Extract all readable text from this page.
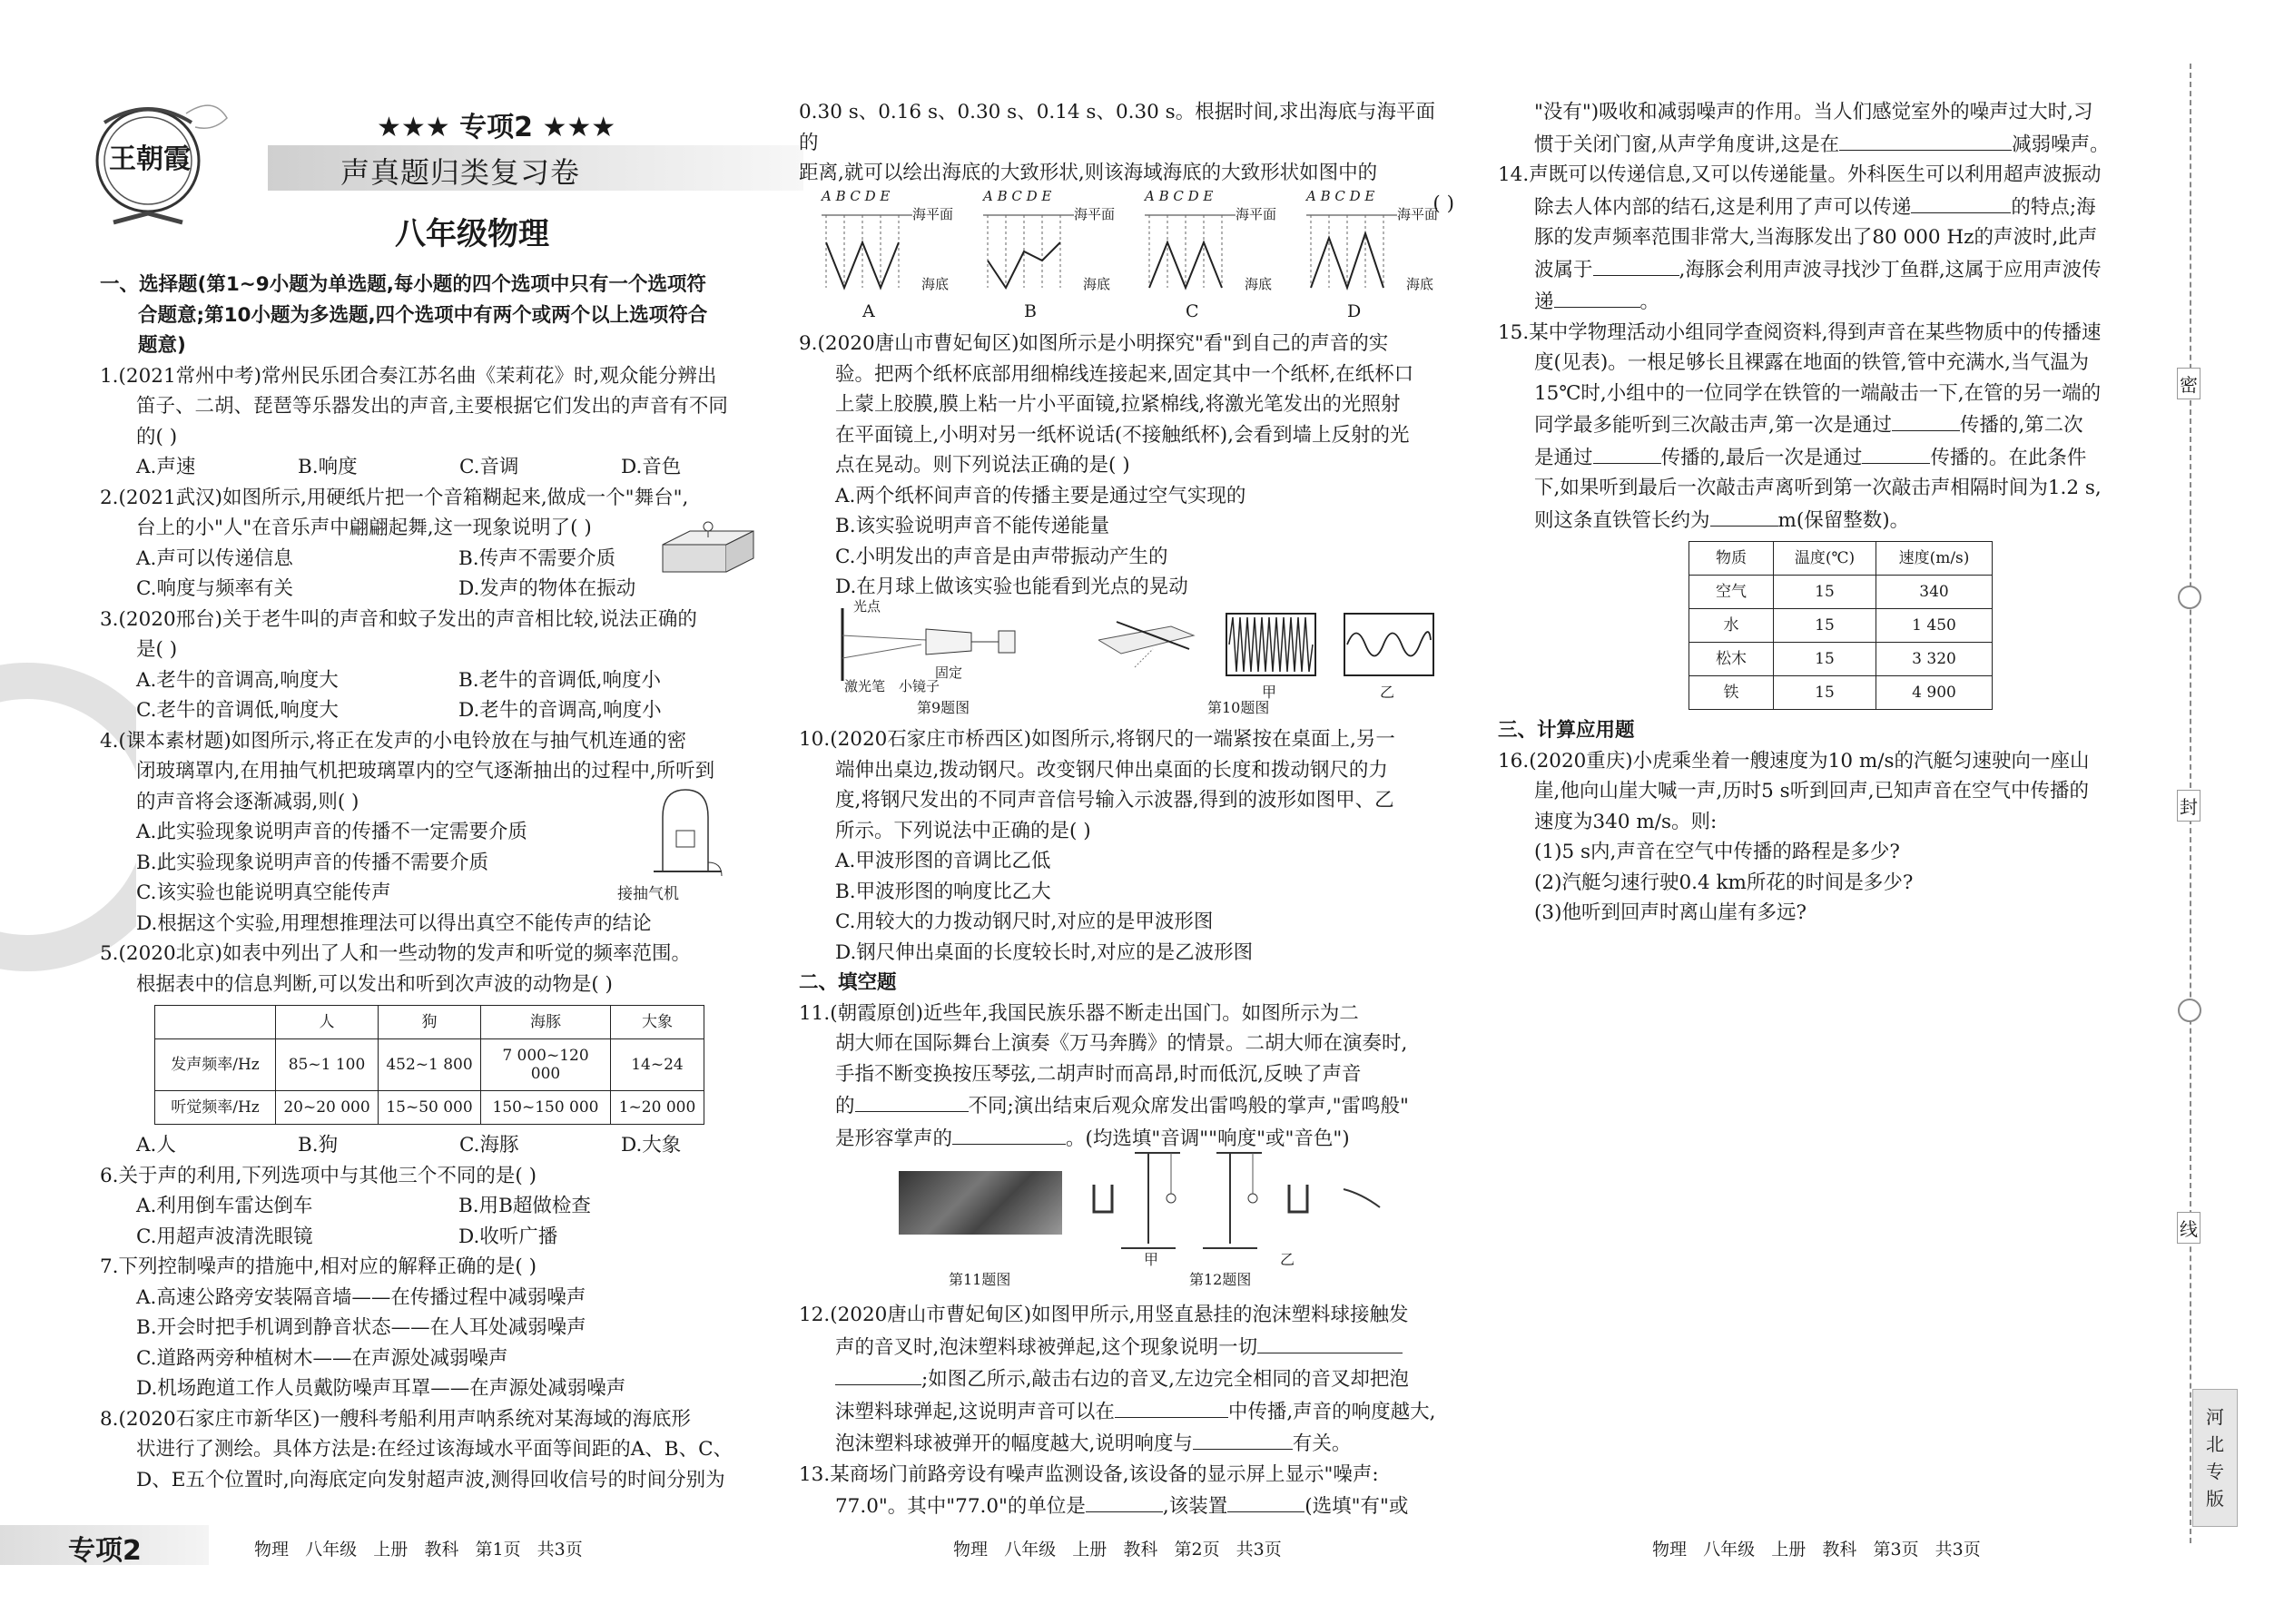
王朝霞
★★★ 专项2 ★★★
声真题归类复习卷
八年级物理

一、选择题(第1~9小题为单选题,每小题的四个选项中只有一个选项符

合题意;第10小题为多选题,四个选项中有两个或两个以上选项符合

题意)

1.(2021常州中考)常州民乐团合奏江苏名曲《茉莉花》时,观众能分辨出

笛子、二胡、琵琶等乐器发出的声音,主要根据它们发出的声音有不同

的( )

A.声速	B.响度	C.音调	D.音色

2.(2021武汉)如图所示,用硬纸片把一个音箱糊起来,做成一个"舞台",

台上的小"人"在音乐声中翩翩起舞,这一现象说明了( )

A.声可以传递信息	B.传声不需要介质
C.响度与频率有关	D.发声的物体在振动

3.(2020邢台)关于老牛叫的声音和蚊子发出的声音相比较,说法正确的

是( )

A.老牛的音调高,响度大	B.老牛的音调低,响度小
C.老牛的音调低,响度大	D.老牛的音调高,响度小

4.(课本素材题)如图所示,将正在发声的小电铃放在与抽气机连通的密

闭玻璃罩内,在用抽气机把玻璃罩内的空气逐渐抽出的过程中,所听到

的声音将会逐渐减弱,则( )

A.此实验现象说明声音的传播不一定需要介质

B.此实验现象说明声音的传播不需要介质

C.该实验也能说明真空能传声

D.根据这个实验,用理想推理法可以得出真空不能传声的结论

5.(2020北京)如表中列出了人和一些动物的发声和听觉的频率范围。

根据表中的信息判断,可以发出和听到次声波的动物是( )

	人	狗	海豚	大象
发声频率/Hz	85~1 100	452~1 800	7 000~120 000	14~24
听觉频率/Hz	20~20 000	15~50 000	150~150 000	1~20 000
A.人	B.狗	C.海豚	D.大象

6.关于声的利用,下列选项中与其他三个不同的是( )

A.利用倒车雷达倒车	B.用B超做检查
C.用超声波清洗眼镜	D.收听广播

7.下列控制噪声的措施中,相对应的解释正确的是( )

A.高速公路旁安装隔音墙——在传播过程中减弱噪声

B.开会时把手机调到静音状态——在人耳处减弱噪声

C.道路两旁种植树木——在声源处减弱噪声

D.机场跑道工作人员戴防噪声耳罩——在声源处减弱噪声

8.(2020石家庄市新华区)一艘科考船利用声呐系统对某海域的海底形

状进行了测绘。具体方法是:在经过该海域水平面等间距的A、B、C、

D、E五个位置时,向海底定向发射超声波,测得回收信号的时间分别为

接抽气机

0.30 s、0.16 s、0.30 s、0.14 s、0.30 s。根据时间,求出海底与海平面的

距离,就可以绘出海底的大致形状,则该海域海底的大致形状如图中的

( )

A B C D E
海平面
海底
A
A B C D E
海平面
海底
B
A B C D E
海平面
海底
C
A B C D E
海平面
海底
D

9.(2020唐山市曹妃甸区)如图所示是小明探究"看"到自己的声音的实

验。把两个纸杯底部用细棉线连接起来,固定其中一个纸杯,在纸杯口

上蒙上胶膜,膜上粘一片小平面镜,拉紧棉线,将激光笔发出的光照射

在平面镜上,小明对另一纸杯说话(不接触纸杯),会看到墙上反射的光

点在晃动。则下列说法正确的是( )

A.两个纸杯间声音的传播主要是通过空气实现的

B.该实验说明声音不能传递能量

C.小明发出的声音是由声带振动产生的

D.在月球上做该实验也能看到光点的晃动

光点
激光笔 小镜子
固定
第9题图
甲	乙
第10题图

10.(2020石家庄市桥西区)如图所示,将钢尺的一端紧按在桌面上,另一

端伸出桌边,拨动钢尺。改变钢尺伸出桌面的长度和拨动钢尺的力

度,将钢尺发出的不同声音信号输入示波器,得到的波形如图甲、乙

所示。下列说法中正确的是( )

A.甲波形图的音调比乙低

B.甲波形图的响度比乙大

C.用较大的力拨动钢尺时,对应的是甲波形图

D.钢尺伸出桌面的长度较长时,对应的是乙波形图

二、填空题

11.(朝霞原创)近些年,我国民族乐器不断走出国门。如图所示为二

胡大师在国际舞台上演奏《万马奔腾》的情景。二胡大师在演奏时,

手指不断变换按压琴弦,二胡声时而高昂,时而低沉,反映了声音

的	不同;演出结束后观众席发出雷鸣般的掌声,"雷鸣般"

是形容掌声的	。(均选填"音调""响度"或"音色")

第11题图
甲	乙
第12题图

12.(2020唐山市曹妃甸区)如图甲所示,用竖直悬挂的泡沫塑料球接触发

声的音叉时,泡沫塑料球被弹起,这个现象说明一切

;如图乙所示,敲击右边的音叉,左边完全相同的音叉却把泡

沫塑料球弹起,这说明声音可以在	中传播,声音的响度越大,

泡沫塑料球被弹开的幅度越大,说明响度与	有关。

13.某商场门前路旁设有噪声监测设备,该设备的显示屏上显示"噪声:

77.0"。其中"77.0"的单位是	,该装置	(选填"有"或

"没有")吸收和减弱噪声的作用。当人们感觉室外的噪声过大时,习

惯于关闭门窗,从声学角度讲,这是在	减弱噪声。

14.声既可以传递信息,又可以传递能量。外科医生可以利用超声波振动

除去人体内部的结石,这是利用了声可以传递	的特点;海

豚的发声频率范围非常大,当海豚发出了80 000 Hz的声波时,此声

波属于	,海豚会利用声波寻找沙丁鱼群,这属于应用声波传

递	。

15.某中学物理活动小组同学查阅资料,得到声音在某些物质中的传播速

度(见表)。一根足够长且裸露在地面的铁管,管中充满水,当气温为

15℃时,小组中的一位同学在铁管的一端敲击一下,在管的另一端的

同学最多能听到三次敲击声,第一次是通过	传播的,第二次

是通过	传播的,最后一次是通过	传播的。在此条件

下,如果听到最后一次敲击声离听到第一次敲击声相隔时间为1.2 s,

则这条直铁管长约为	m(保留整数)。

物质	温度(℃)	速度(m/s)
空气	15	340
水	15	1 450
松木	15	3 320
铁	15	4 900

三、计算应用题

16.(2020重庆)小虎乘坐着一艘速度为10 m/s的汽艇匀速驶向一座山

崖,他向山崖大喊一声,历时5 s听到回声,已知声音在空气中传播的

速度为340 m/s。则:

(1)5 s内,声音在空气中传播的路程是多少?

(2)汽艇匀速行驶0.4 km所花的时间是多少?

(3)他听到回声时离山崖有多远?

密
封
线
河
北
专
版
专项2	物理   八年级   上册   教科   第1页   共3页	物理   八年级   上册   教科   第2页   共3页	物理   八年级   上册   教科   第3页   共3页
